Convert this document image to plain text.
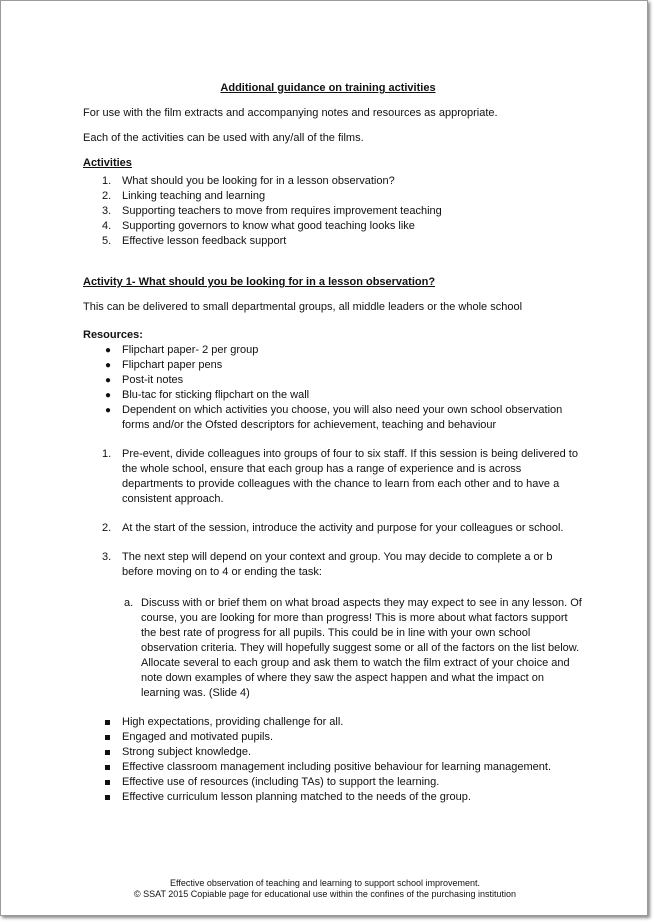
Additional guidance on training activities

For use with the film extracts and accompanying notes and resources as appropriate.

Each of the activities can be used with any/all of the films.

Activities

1. What should you be looking for in a lesson observation?
2. Linking teaching and learning
3. Supporting teachers to move from requires improvement teaching
4. Supporting governors to know what good teaching looks like
5. Effective lesson feedback support

Activity 1- What should you be looking for in a lesson observation?

This can be delivered to small departmental groups, all middle leaders or the whole school

Resources:

● Flipchart paper- 2 per group
● Flipchart paper pens
● Post-it notes
● Blu-tac for sticking flipchart on the wall
● Dependent on which activities you choose, you will also need your own school observation forms and/or the Ofsted descriptors for achievement, teaching and behaviour
1. Pre-event, divide colleagues into groups of four to six staff. If this session is being delivered to the whole school, ensure that each group has a range of experience and is across departments to provide colleagues with the chance to learn from each other and to have a consistent approach.
2. At the start of the session, introduce the activity and purpose for your colleagues or school.
3. The next step will depend on your context and group. You may decide to complete a or b before moving on to 4 or ending the task:
a. Discuss with or brief them on what broad aspects they may expect to see in any lesson. Of course, you are looking for more than progress! This is more about what factors support the best rate of progress for all pupils. This could be in line with your own school observation criteria. They will hopefully suggest some or all of the factors on the list below. Allocate several to each group and ask them to watch the film extract of your choice and note down examples of where they saw the aspect happen and what the impact on learning was. (Slide 4)
High expectations, providing challenge for all.
Engaged and motivated pupils.
Strong subject knowledge.
Effective classroom management including positive behaviour for learning management.
Effective use of resources (including TAs) to support the learning.
Effective curriculum lesson planning matched to the needs of the group.
Effective observation of teaching and learning to support school improvement.
© SSAT 2015 Copiable page for educational use within the confines of the purchasing institution
